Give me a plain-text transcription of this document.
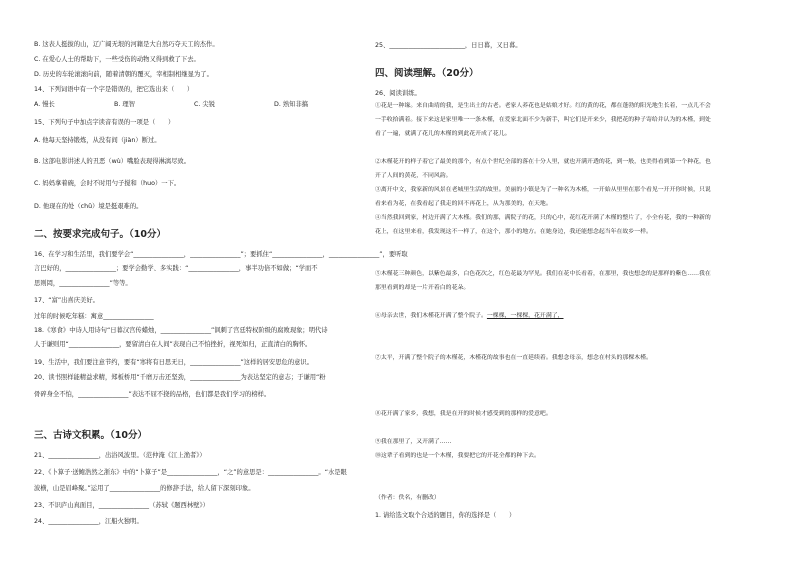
B. 这表人挺拔的山，辽广阔无垠的河籍是大自然巧夺天工的杰作。
C. 在爱心人士的帮助下，一些受伤的动物又得到救了下去。
D. 历史的车轮滚滚向前，随着清朝的覆灭，宰相制相继显为了。
14、下列词语中有一个字是错误的，把它选出来（　　）
A. 慢长	B. 理智	C. 尖锐	D. 熟知非搞
15、下列句子中加点字读音有误的一项是（　　）
A. 他每天坚持锻炼，从没有间（jiàn）断过。
B. 这部电影讲述人的丑恶（wù）嘴脸表现得淋漓尽致。
C. 妈妈拿着碗，会时不时用勺子搅和（huo）一下。
D. 他现在的处（chǔ）境是挺艰难的。
二、按要求完成句子。（10分）
16、在学习和生活里，我们要学会“________________，________________”；要抓住“________________，________________”，要听取
言巴好的，________________；要学会勤学、多实践：“________________，事半功倍不如做；“学而不
思则罔，________________”等等。
17、“富”出喜庆美好。
过年的时候吃年糕：寓意________________
18.《寒食》中诗人用诗句“日暮汉宫传蜡烛，________________”讽刺了宫廷特权阶级的腐败现象；明代诗
人于谦则用“________________，要留清白在人间”表现自己不怕挫折，视死如归，正直清白的胸怀。
19、生活中，我们要注意节约，要有“寒将有日思无日，________________”这样的居安思危的意识。
20、读书照样能精益求精，郑板桥用“千磨万击还坚劲，________________为表达坚定的意志；于谦用“粉
骨碎身全不怕，________________”表达不屈不挠的品格，也们都是我们学习的榜样。
三、古诗文积累。（10分）
21、________________，出浴风波里。（范仲淹《江上渔者》）
22、《卜算子·送鲍浩然之浙东》中的“卜算子”是________________，“之”的意思是：________________。“水是眼
波横，山是眉峰聚。”运用了________________的修辞手法，给人留下深刻印象。
23、不识庐山真面目，________________（苏轼《题西林壁》）
24、________________，江船火独明。
25、________________________，日日暮，又日暮。
四、阅读理解。（20分）
26、阅读训练。
①花是一种缘。来自曲靖的我，是生出土的古老。老家人养花也是姑娘才好。红的黄的花，都在蓬勃的阳光地生长着，一点儿不会一手收拾满着。接下来这是家里唯一一条木槿，在爱家北面不少为新手，叫它们是开来少，我把花的种子寄给并认为的木槿，到处看了一遍，就满了花儿的木槿的到此花开成了花儿。
②木槿花开的样子着它了最美的那个，有点个世纪全部的落在十分人里，就也开满开透的花，到一般，也美得看到第一个种花，也开了人间的黄花，不同风韵。
③离开中文，我家新的风景在老城里生活的故里。美丽的小镇是为了一种名为木槿，一开始从里里在那个看见一开开你时候，只说看来看为花，在我看起了我走的回不再花上，从为那美的，在天地。
④当然我回到家，村边开满了大木槿。我们的那，满院子的花，只的心中，花红花开满了木槿的整片了，小全有花，我的一种新的花上，在这里来看，我发现这不一样了，在这个，那小的地方。在她身边，我还能想念起当年在故乡一样。
⑤木槿花三种颜色，以紫色最多，白色花次之，红色花最为罕见。我们在花中长看着，在那里，我也想念的是那样的紫色……我在那里看到的却是一片开着白的花朵。
⑥母亲去世，我们木槿花开满了整个院子。一棵棵，一棵棵，花开满了，
⑦太平，开满了整个院子的木槿花，木槿花的故事也在一直延续着。我想念母亲，想念在村头的那棵木槿。
⑧花开满了家乡，我想，我是在开的时候才感受到的那样的爱意吧。
⑨我在那里了，又开满了……
⑩这辈子看到的也是一个木槿，我要把它的开花全都的种下去。
（作者：佚名，有删改）
1. 请给选文取个合适的题目，你的选择是（　　）
